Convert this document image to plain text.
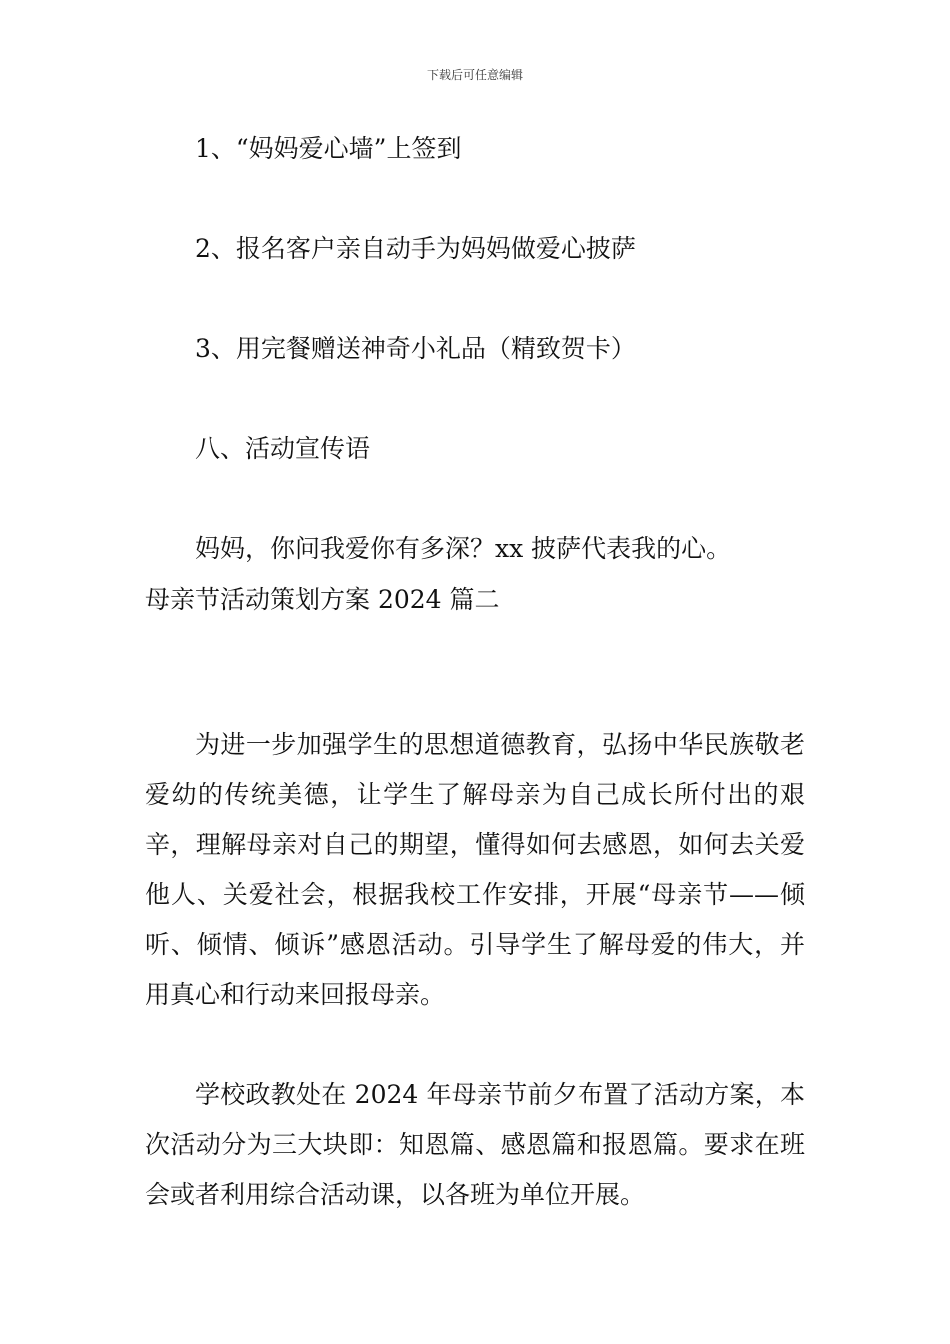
下载后可任意编辑
1、“妈妈爱心墙”上签到
2、报名客户亲自动手为妈妈做爱心披萨
3、用完餐赠送神奇小礼品（精致贺卡）
八、活动宣传语
妈妈，你问我爱你有多深？xx 披萨代表我的心。
母亲节活动策划方案 2024 篇二
为进一步加强学生的思想道德教育，弘扬中华民族敬老爱幼的传统美德，让学生了解母亲为自己成长所付出的艰辛，理解母亲对自己的期望，懂得如何去感恩，如何去关爱他人、关爱社会，根据我校工作安排，开展“母亲节——倾听、倾情、倾诉”感恩活动。引导学生了解母爱的伟大，并用真心和行动来回报母亲。
学校政教处在 2024 年母亲节前夕布置了活动方案，本次活动分为三大块即：知恩篇、感恩篇和报恩篇。要求在班会或者利用综合活动课，以各班为单位开展。
